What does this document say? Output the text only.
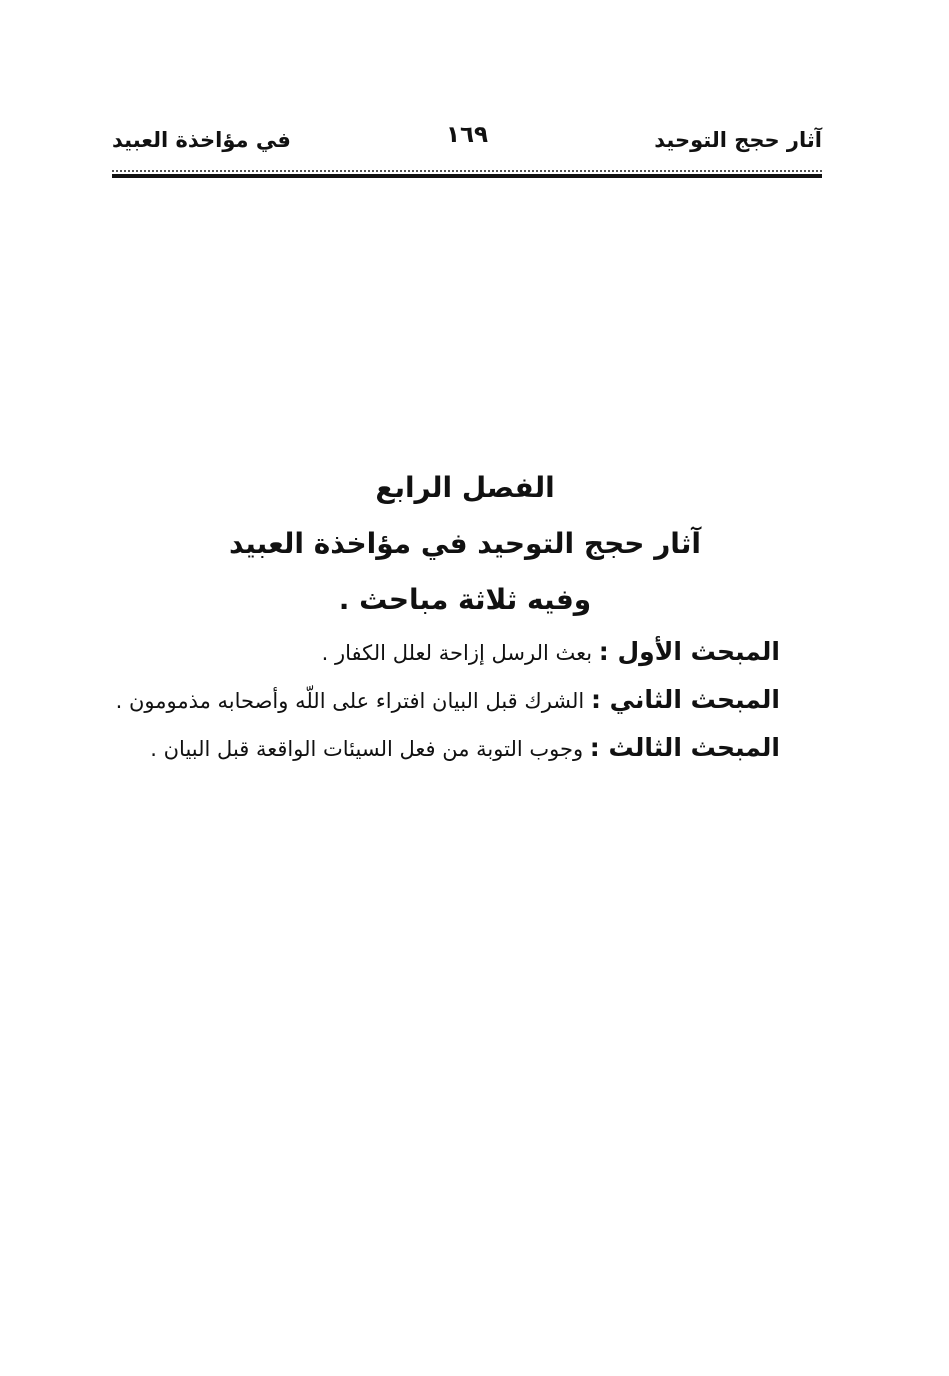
آثار حجج التوحيد
١٦٩
في مؤاخذة العبيد
الفصل الرابع
آثار حجج التوحيد في مؤاخذة العبيد
وفيه ثلاثة مباحث .
المبحث الأول : بعث الرسل إزاحة لعلل الكفار .
المبحث الثاني : الشرك قبل البيان افتراء على اللّه وأصحابه مذمومون .
المبحث الثالث : وجوب التوبة من فعل السيئات الواقعة قبل البيان .
